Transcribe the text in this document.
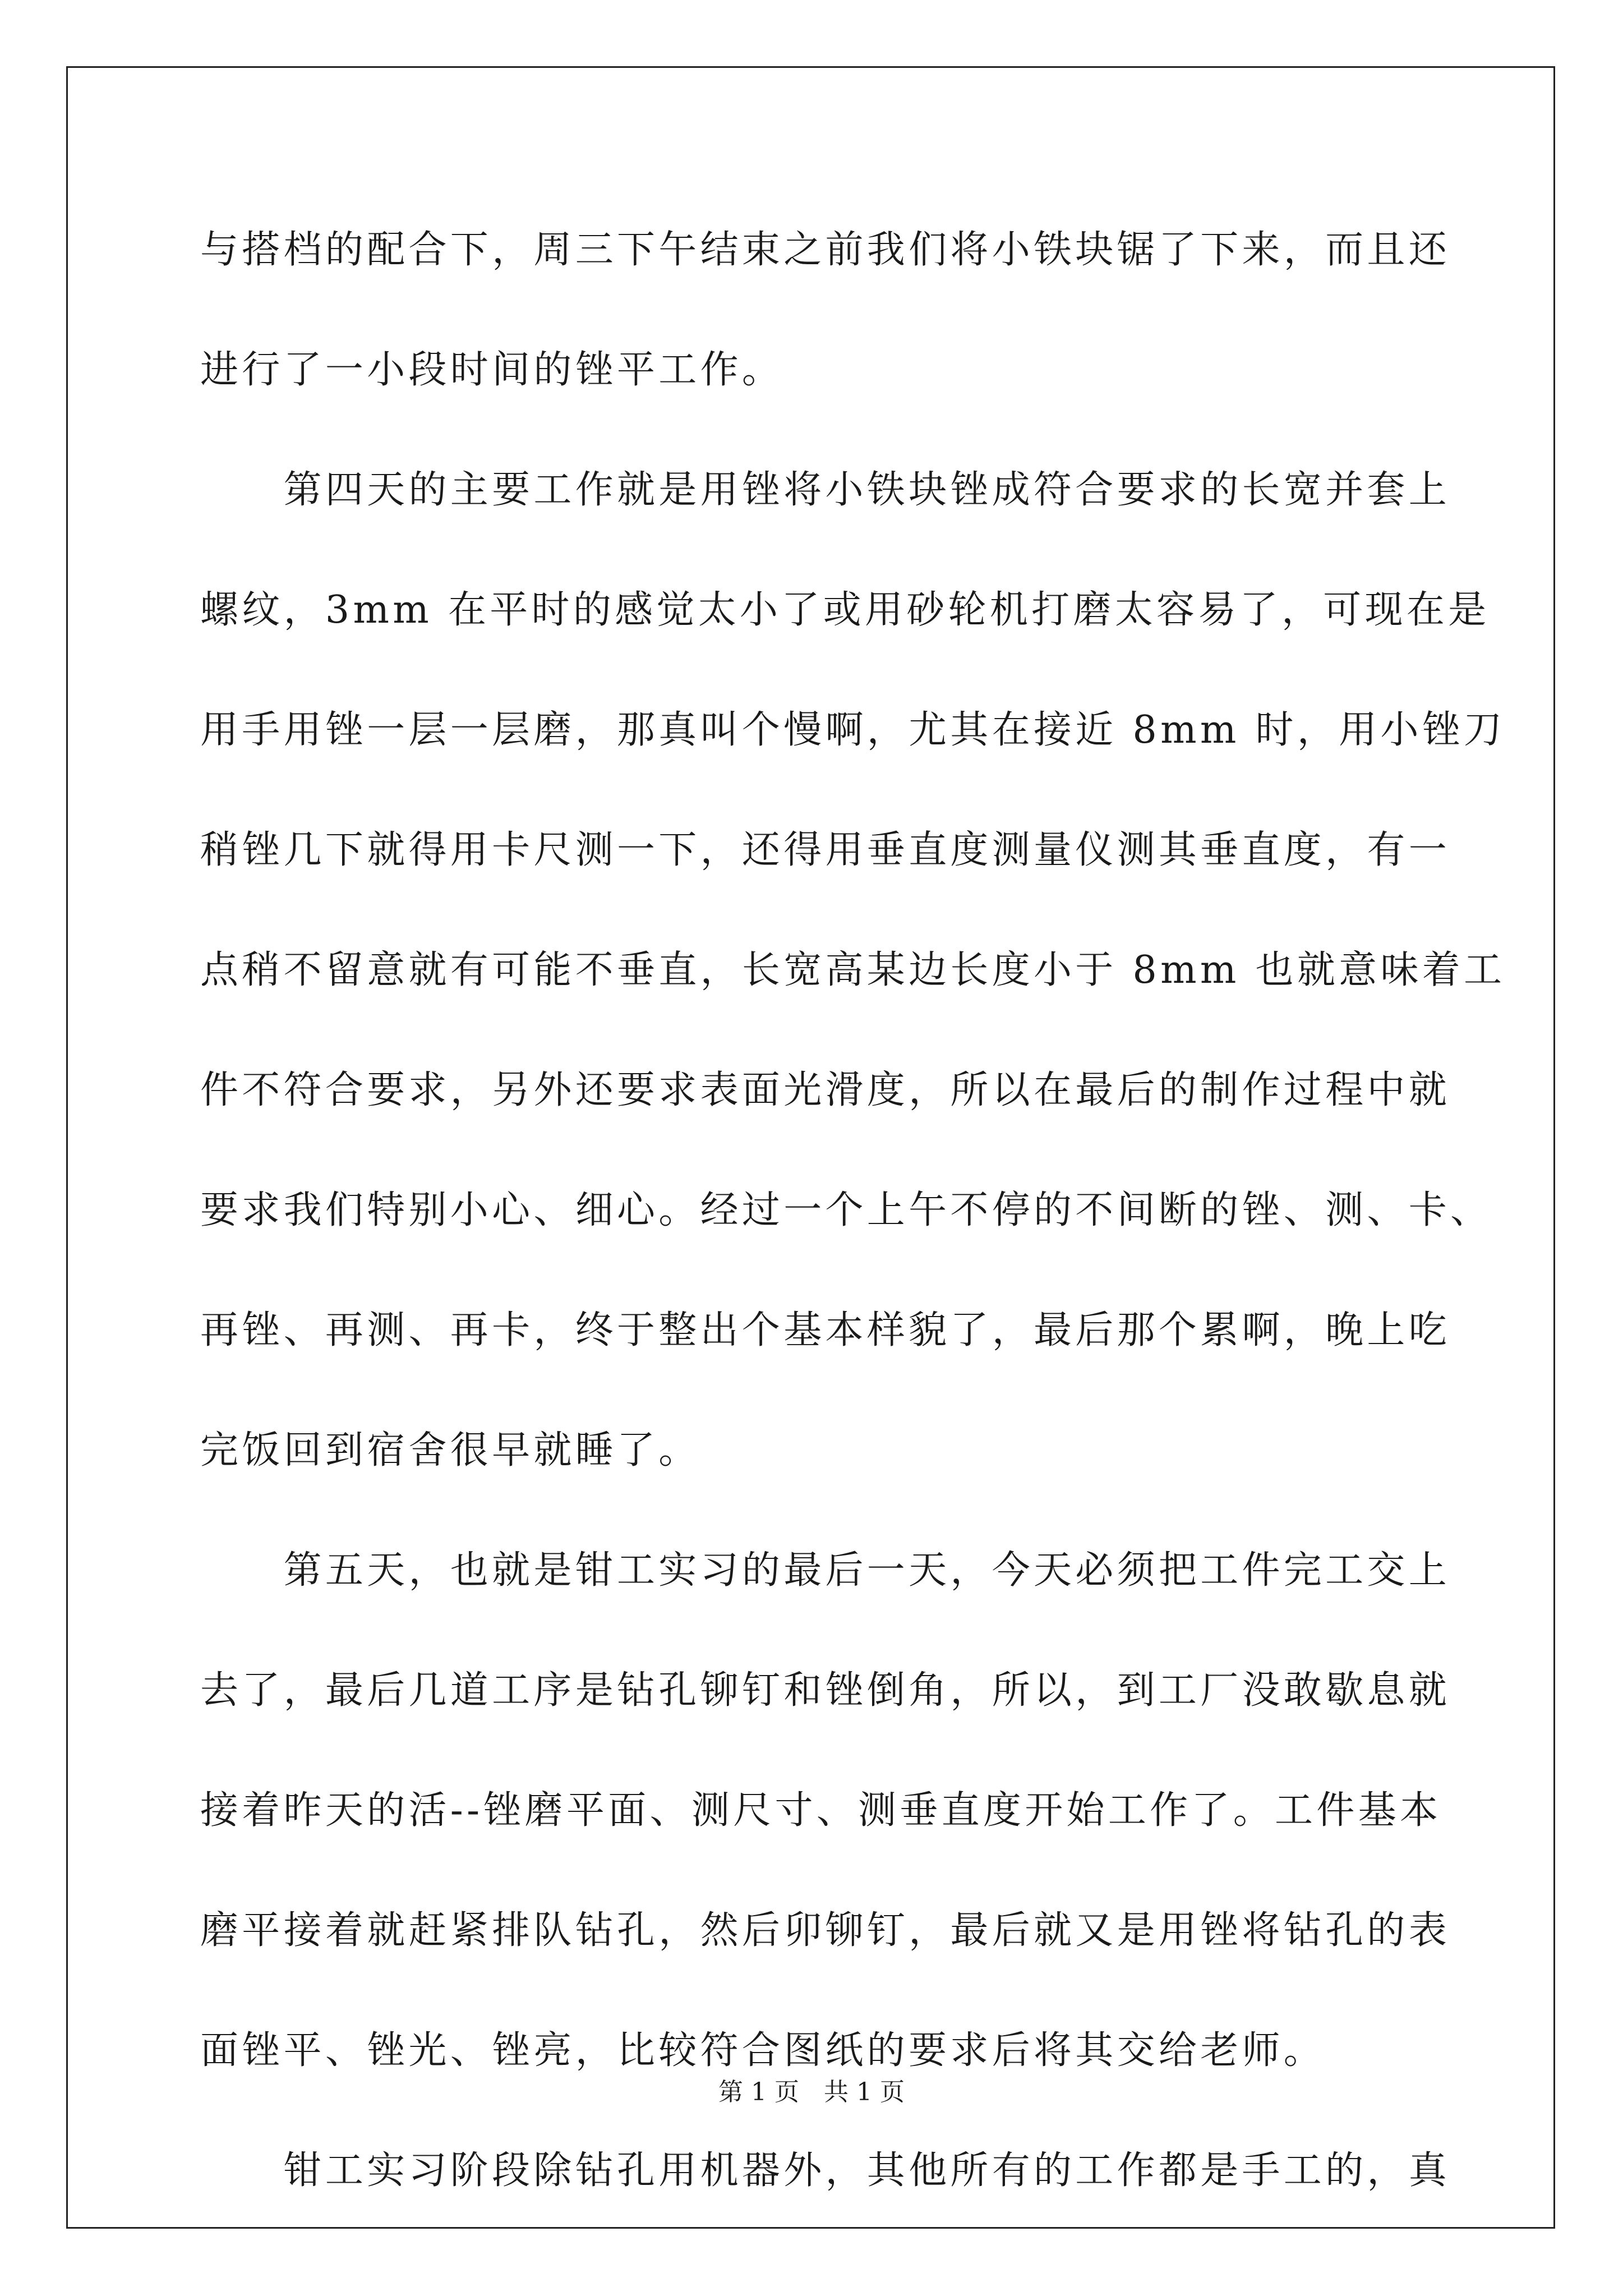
与搭档的配合下，周三下午结束之前我们将小铁块锯了下来，而且还
进行了一小段时间的锉平工作。
　　第四天的主要工作就是用锉将小铁块锉成符合要求的长宽并套上
螺纹，3mm 在平时的感觉太小了或用砂轮机打磨太容易了，可现在是
用手用锉一层一层磨，那真叫个慢啊，尤其在接近 8mm 时，用小锉刀
稍锉几下就得用卡尺测一下，还得用垂直度测量仪测其垂直度，有一
点稍不留意就有可能不垂直，长宽高某边长度小于 8mm 也就意味着工
件不符合要求，另外还要求表面光滑度，所以在最后的制作过程中就
要求我们特别小心、细心。经过一个上午不停的不间断的锉、测、卡、
再锉、再测、再卡，终于整出个基本样貌了，最后那个累啊，晚上吃
完饭回到宿舍很早就睡了。
　　第五天，也就是钳工实习的最后一天，今天必须把工件完工交上
去了，最后几道工序是钻孔铆钉和锉倒角，所以，到工厂没敢歇息就
接着昨天的活--锉磨平面、测尺寸、测垂直度开始工作了。工件基本
磨平接着就赶紧排队钻孔，然后卯铆钉，最后就又是用锉将钻孔的表
面锉平、锉光、锉亮，比较符合图纸的要求后将其交给老师。
　　钳工实习阶段除钻孔用机器外，其他所有的工作都是手工的，真
第 1 页　共 1 页
